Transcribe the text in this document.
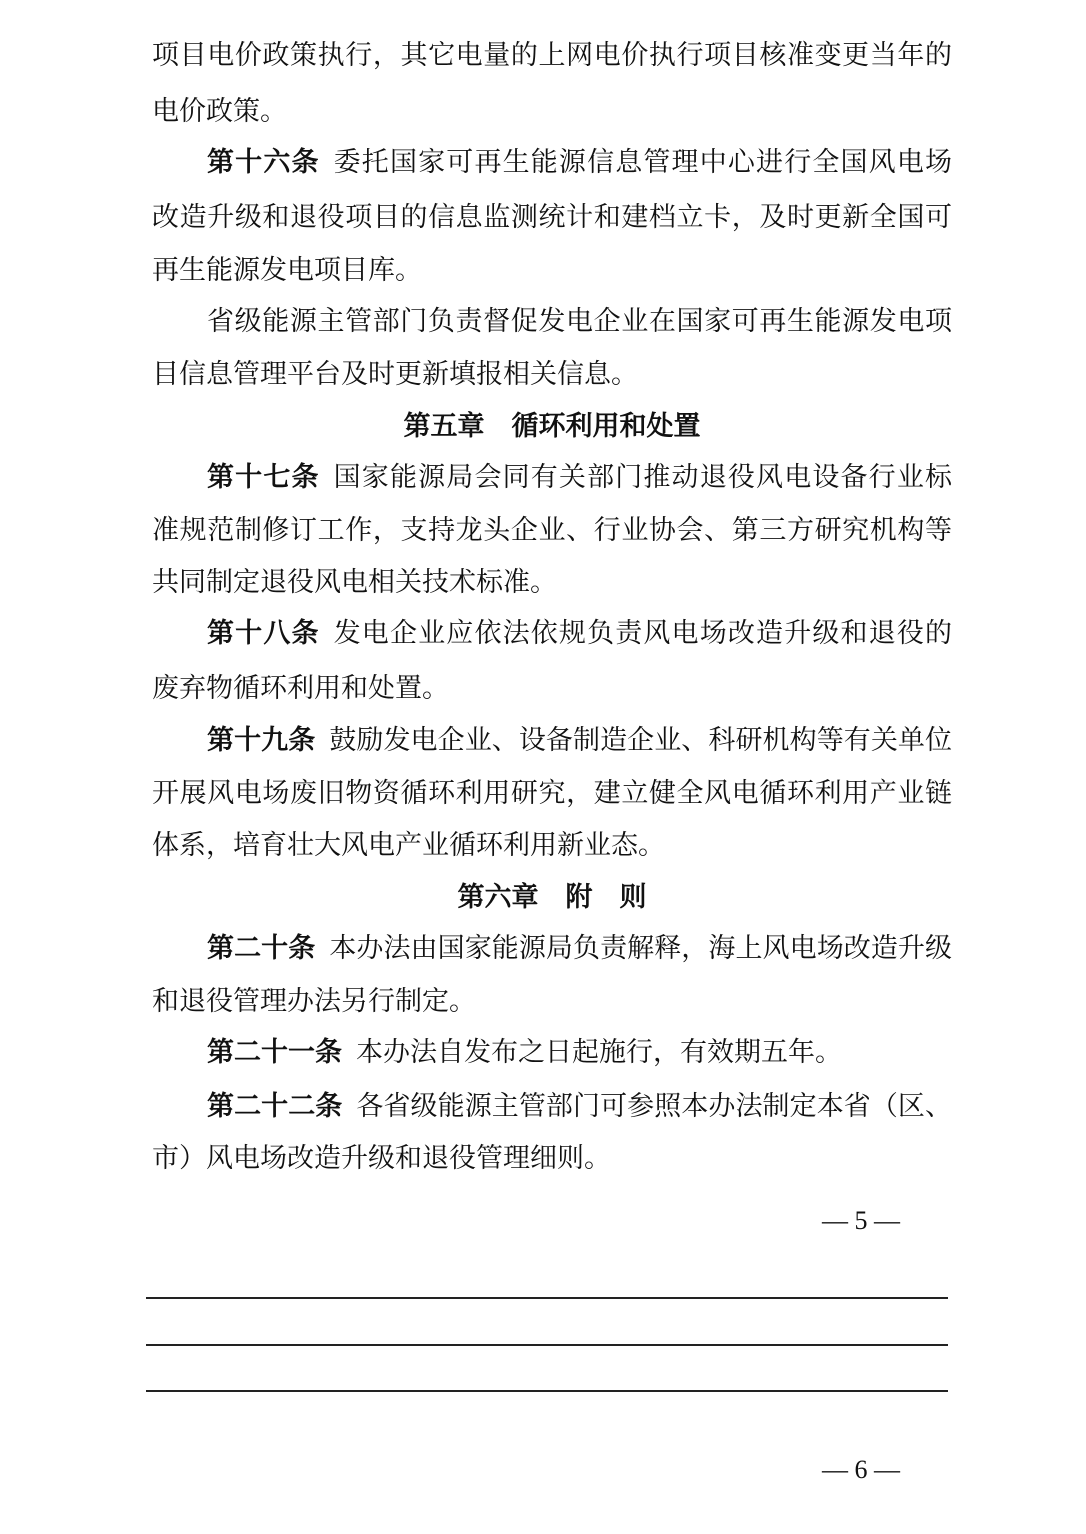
项目电价政策执行，其它电量的上网电价执行项目核准变更当年的
电价政策。
第十六条 委托国家可再生能源信息管理中心进行全国风电场
改造升级和退役项目的信息监测统计和建档立卡，及时更新全国可
再生能源发电项目库。
省级能源主管部门负责督促发电企业在国家可再生能源发电项
目信息管理平台及时更新填报相关信息。
第五章　循环利用和处置
第十七条 国家能源局会同有关部门推动退役风电设备行业标
准规范制修订工作，支持龙头企业、行业协会、第三方研究机构等
共同制定退役风电相关技术标准。
第十八条 发电企业应依法依规负责风电场改造升级和退役的
废弃物循环利用和处置。
第十九条 鼓励发电企业、设备制造企业、科研机构等有关单位
开展风电场废旧物资循环利用研究，建立健全风电循环利用产业链
体系，培育壮大风电产业循环利用新业态。
第六章　附　则
第二十条 本办法由国家能源局负责解释，海上风电场改造升级
和退役管理办法另行制定。
第二十一条 本办法自发布之日起施行，有效期五年。
第二十二条 各省级能源主管部门可参照本办法制定本省（区、
市）风电场改造升级和退役管理细则。
— 5 —
— 6 —
